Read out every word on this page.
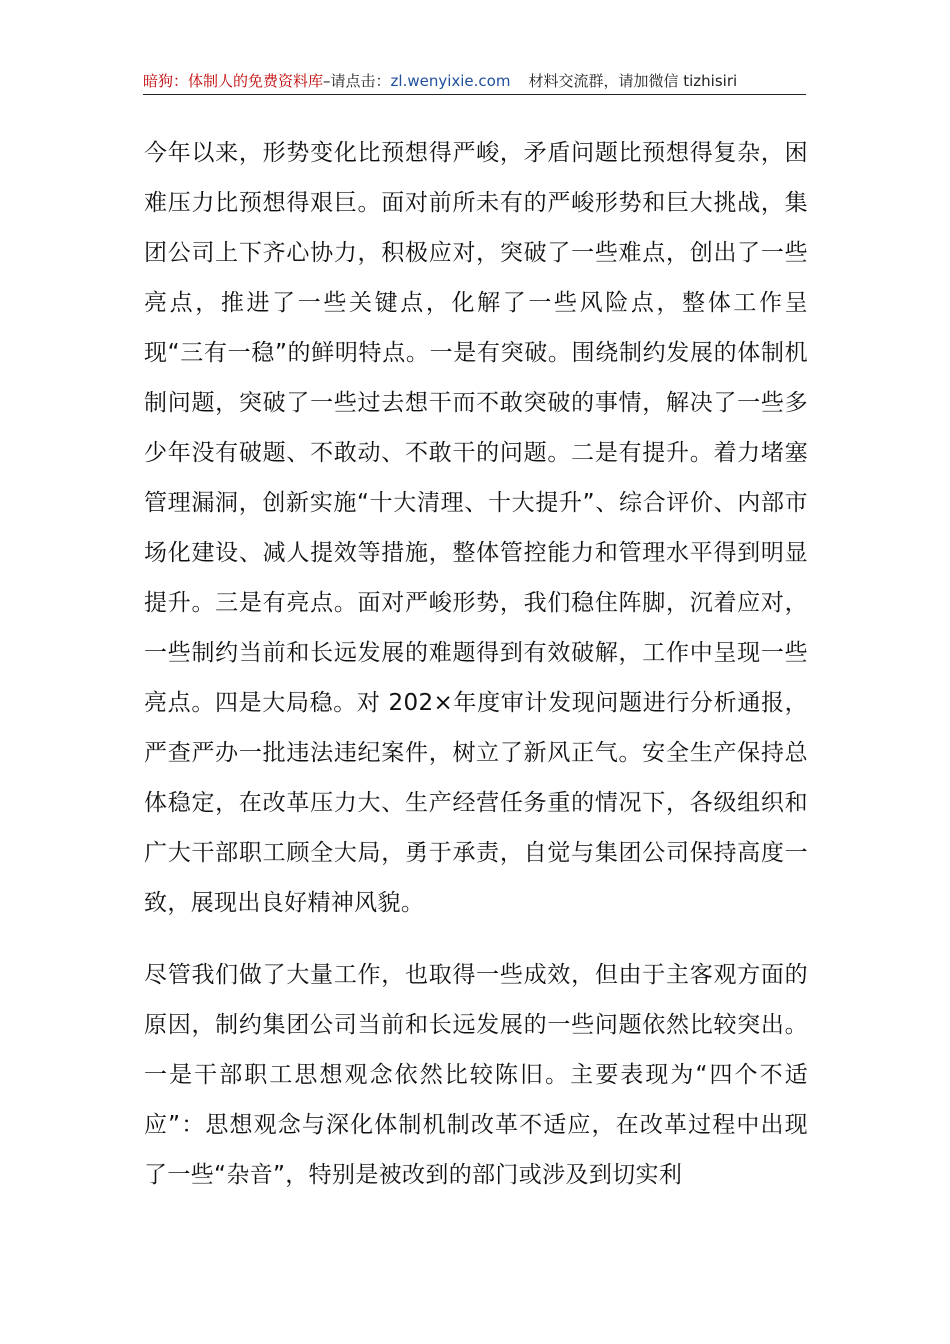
暗狗：体制人的免费资料库–请点击：zl.wenyixie.com 材料交流群，请加微信 tizhisiri

今年以来，形势变化比预想得严峻，矛盾问题比预想得复杂，困难压力比预想得艰巨。面对前所未有的严峻形势和巨大挑战，集团公司上下齐心协力，积极应对，突破了一些难点，创出了一些亮点，推进了一些关键点，化解了一些风险点，整体工作呈现“三有一稳”的鲜明特点。一是有突破。围绕制约发展的体制机制问题，突破了一些过去想干而不敢突破的事情，解决了一些多少年没有破题、不敢动、不敢干的问题。二是有提升。着力堵塞管理漏洞，创新实施“十大清理、十大提升”、综合评价、内部市场化建设、减人提效等措施，整体管控能力和管理水平得到明显提升。三是有亮点。面对严峻形势，我们稳住阵脚，沉着应对，一些制约当前和长远发展的难题得到有效破解，工作中呈现一些亮点。四是大局稳。对 202×年度审计发现问题进行分析通报，严查严办一批违法违纪案件，树立了新风正气。安全生产保持总体稳定，在改革压力大、生产经营任务重的情况下，各级组织和广大干部职工顾全大局，勇于承责，自觉与集团公司保持高度一致，展现出良好精神风貌。

尽管我们做了大量工作，也取得一些成效，但由于主客观方面的原因，制约集团公司当前和长远发展的一些问题依然比较突出。一是干部职工思想观念依然比较陈旧。主要表现为“四个不适应”：思想观念与深化体制机制改革不适应，在改革过程中出现了一些“杂音”，特别是被改到的部门或涉及到切实利
